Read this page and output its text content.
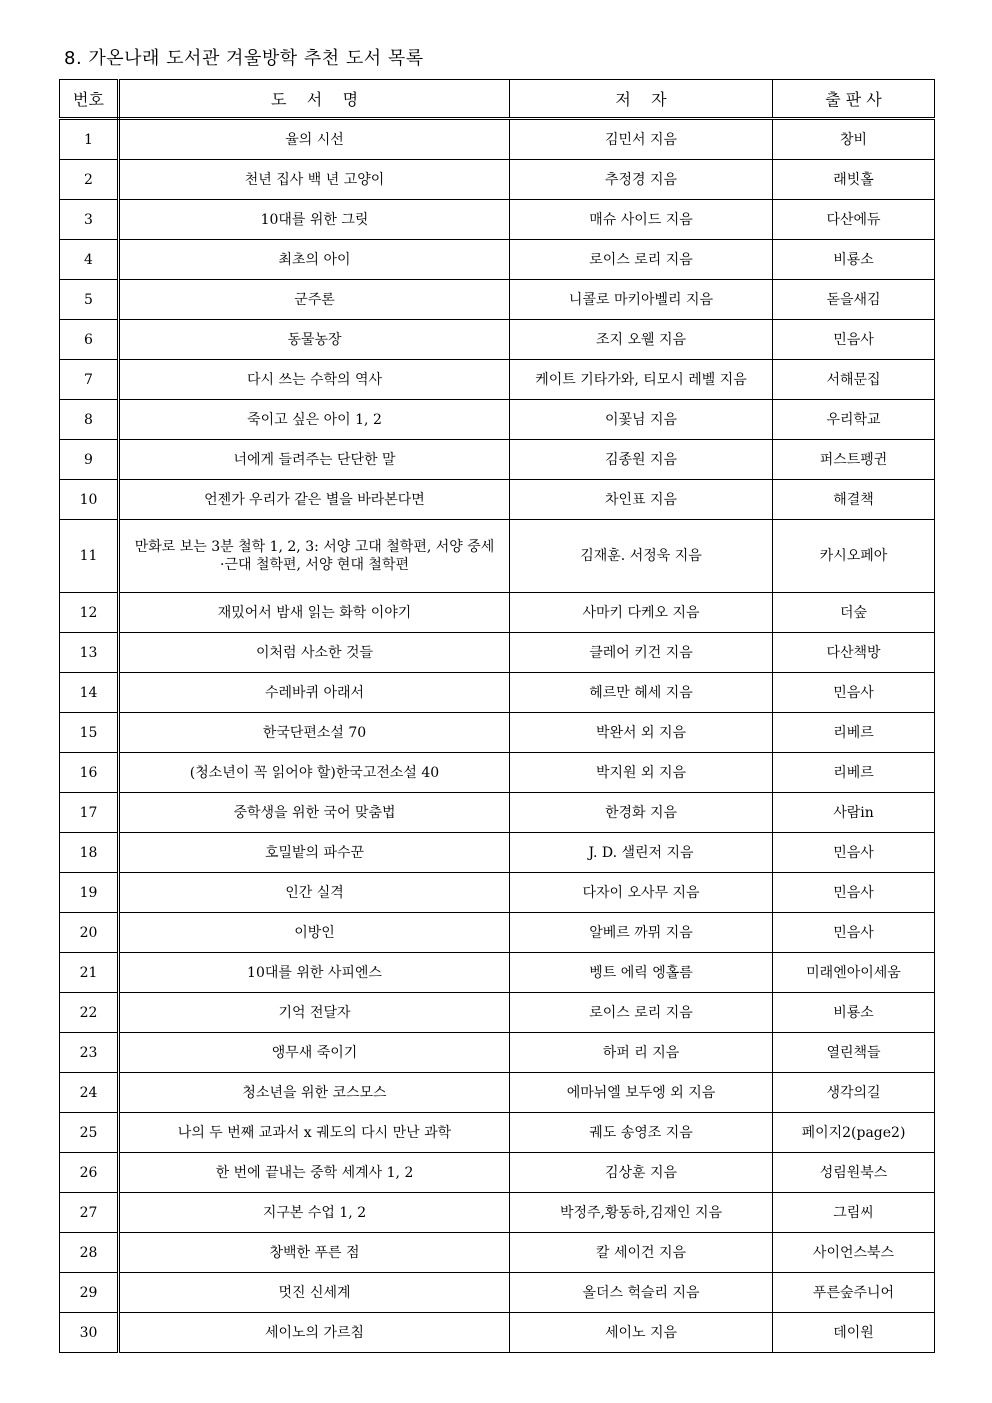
8. 가온나래 도서관 겨울방학 추천 도서 목록
번호	도    서    명	저    자	출 판 사
1	율의 시선	김민서 지음	창비
2	천년 집사 백 년 고양이	추정경 지음	래빗홀
3	10대를 위한 그릿	매슈 사이드 지음	다산에듀
4	최초의 아이	로이스 로리 지음	비룡소
5	군주론	니콜로 마키아벨리 지음	돋을새김
6	동물농장	조지 오웰 지음	민음사
7	다시 쓰는 수학의 역사	케이트 기타가와, 티모시 레벨 지음	서해문집
8	죽이고 싶은 아이 1, 2	이꽃님 지음	우리학교
9	너에게 들려주는 단단한 말	김종원 지음	퍼스트펭귄
10	언젠가 우리가 같은 별을 바라본다면	차인표 지음	해결책
11	만화로 보는 3분 철학 1, 2, 3: 서양 고대 철학편, 서양 중세·근대 철학편, 서양 현대 철학편	김재훈. 서정욱 지음	카시오페아
12	재밌어서 밤새 읽는 화학 이야기	사마키 다케오 지음	더숲
13	이처럼 사소한 것들	클레어 키건 지음	다산책방
14	수레바퀴 아래서	헤르만 헤세 지음	민음사
15	한국단편소설 70	박완서 외 지음	리베르
16	(청소년이 꼭 읽어야 할)한국고전소설 40	박지원 외 지음	리베르
17	중학생을 위한 국어 맞춤법	한경화 지음	사람in
18	호밀밭의 파수꾼	J. D. 샐린저 지음	민음사
19	인간 실격	다자이 오사무 지음	민음사
20	이방인	알베르 까뮈 지음	민음사
21	10대를 위한 사피엔스	벵트 에릭 엥홀름	미래엔아이세움
22	기억 전달자	로이스 로리 지음	비룡소
23	앵무새 죽이기	하퍼 리 지음	열린책들
24	청소년을 위한 코스모스	에마뉘엘 보두엥 외 지음	생각의길
25	나의 두 번째 교과서 x 궤도의 다시 만난 과학	궤도 송영조 지음	페이지2(page2)
26	한 번에 끝내는 중학 세계사 1, 2	김상훈 지음	성림원북스
27	지구본 수업 1, 2	박정주,황동하,김재인 지음	그림씨
28	창백한 푸른 점	칼 세이건 지음	사이언스북스
29	멋진 신세계	올더스 헉슬리 지음	푸른숲주니어
30	세이노의 가르침	세이노 지음	데이원
